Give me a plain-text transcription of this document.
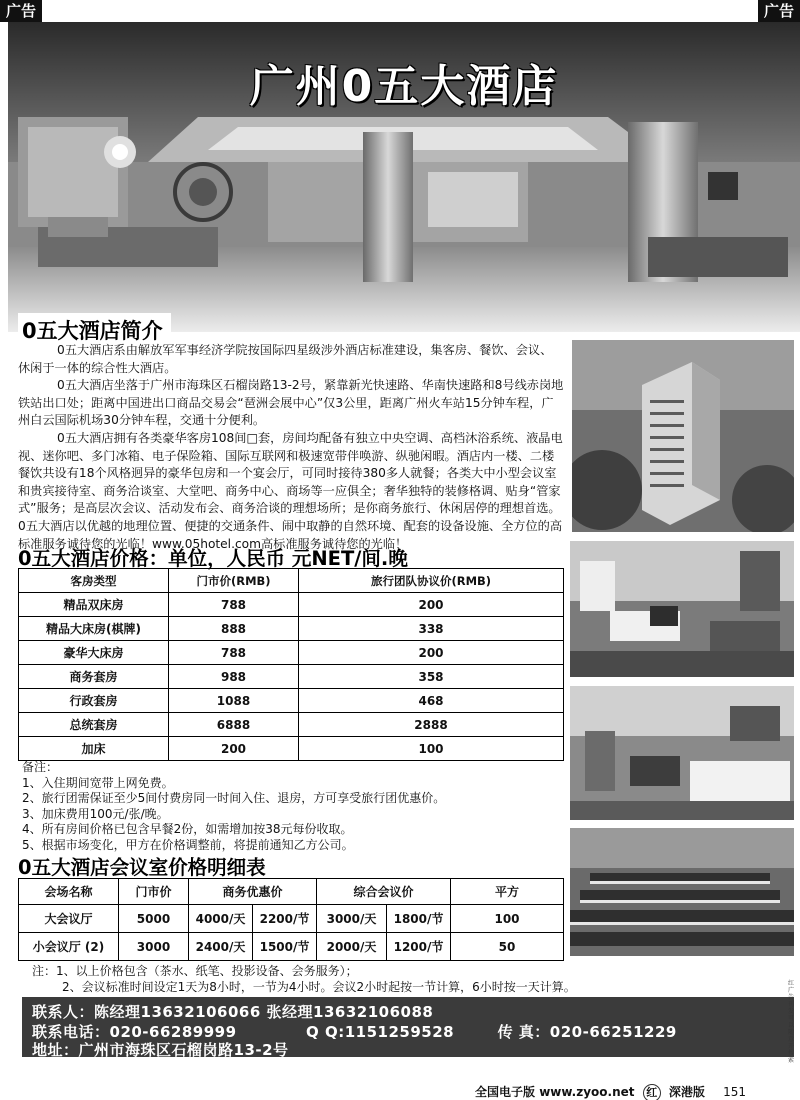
广告	广告
广州0五大酒店
0五大酒店简介

0五大酒店系由解放军军事经济学院按国际四星级涉外酒店标准建设，集客房、餐饮、会议、休闲于一体的综合性大酒店。

0五大酒店坐落于广州市海珠区石榴岗路13-2号，紧靠新光快速路、华南快速路和8号线赤岗地铁站出口处；距离中国进出口商品交易会“琶洲会展中心”仅3公里，距离广州火车站15分钟车程，广州白云国际机场30分钟车程，交通十分便利。

0五大酒店拥有各类豪华客房108间□套，房间均配备有独立中央空调、高档沐浴系统、液晶电视、迷你吧、多门冰箱、电子保险箱、国际互联网和极速宽带伴唤游、纵驰闲暇。酒店内一楼、二楼餐饮共设有18个风格迥异的豪华包房和一个宴会厅，可同时接待380多人就餐；各类大中小型会议室和贵宾接待室、商务洽谈室、大堂吧、商务中心、商场等一应俱全；奢华独特的装修格调、贴身“管家式”服务；是高层次会议、活动发布会、商务洽谈的理想场所；是你商务旅行、休闲居停的理想首选。0五大酒店以优越的地理位置、便捷的交通条件、闹中取静的自然环境、配套的设备设施、全方位的高标准服务诚待您的光临！www.05hotel.com高标准服务诚待您的光临！

0五大酒店价格：单位，人民币 元NET/间.晚
客房类型	门市价(RMB)	旅行团队协议价(RMB)
精品双床房	788	200
精品大床房(棋牌)	888	338
豪华大床房	788	200
商务套房	988	358
行政套房	1088	468
总统套房	6888	2888
加床	200	100
备注：
1、入住期间宽带上网免费。
2、旅行团需保证至少5间付费房同一时间入住、退房，方可享受旅行团优惠价。
3、加床费用100元/张/晚。
4、所有房间价格已包含早餐2份，如需增加按38元每份收取。
5、根据市场变化，甲方在价格调整前，将提前通知乙方公司。
0五大酒店会议室价格明细表
会场名称	门市价	商务优惠价		综合会议价		平方
大会议厅	5000	4000/天	2200/节	3000/天	1800/节	100
小会议厅 (2)	3000	2400/天	1500/节	2000/天	1200/节	50
注：1、以上价格包含（茶水、纸笔、投影设备、会务服务）；
2、会议标准时间设定1天为8小时，一节为4小时。会议2小时起按一节计算，6小时按一天计算。
联系人：陈经理13632106066 张经理13632106088
联系电话：020-66289999	Q Q:1151259528	传 真：020-66251229
地址：广州市海珠区石榴岗路13-2号
红广告刊发可以随意开搜索
全国电子版 www.zyoo.net 红 深港版 151
